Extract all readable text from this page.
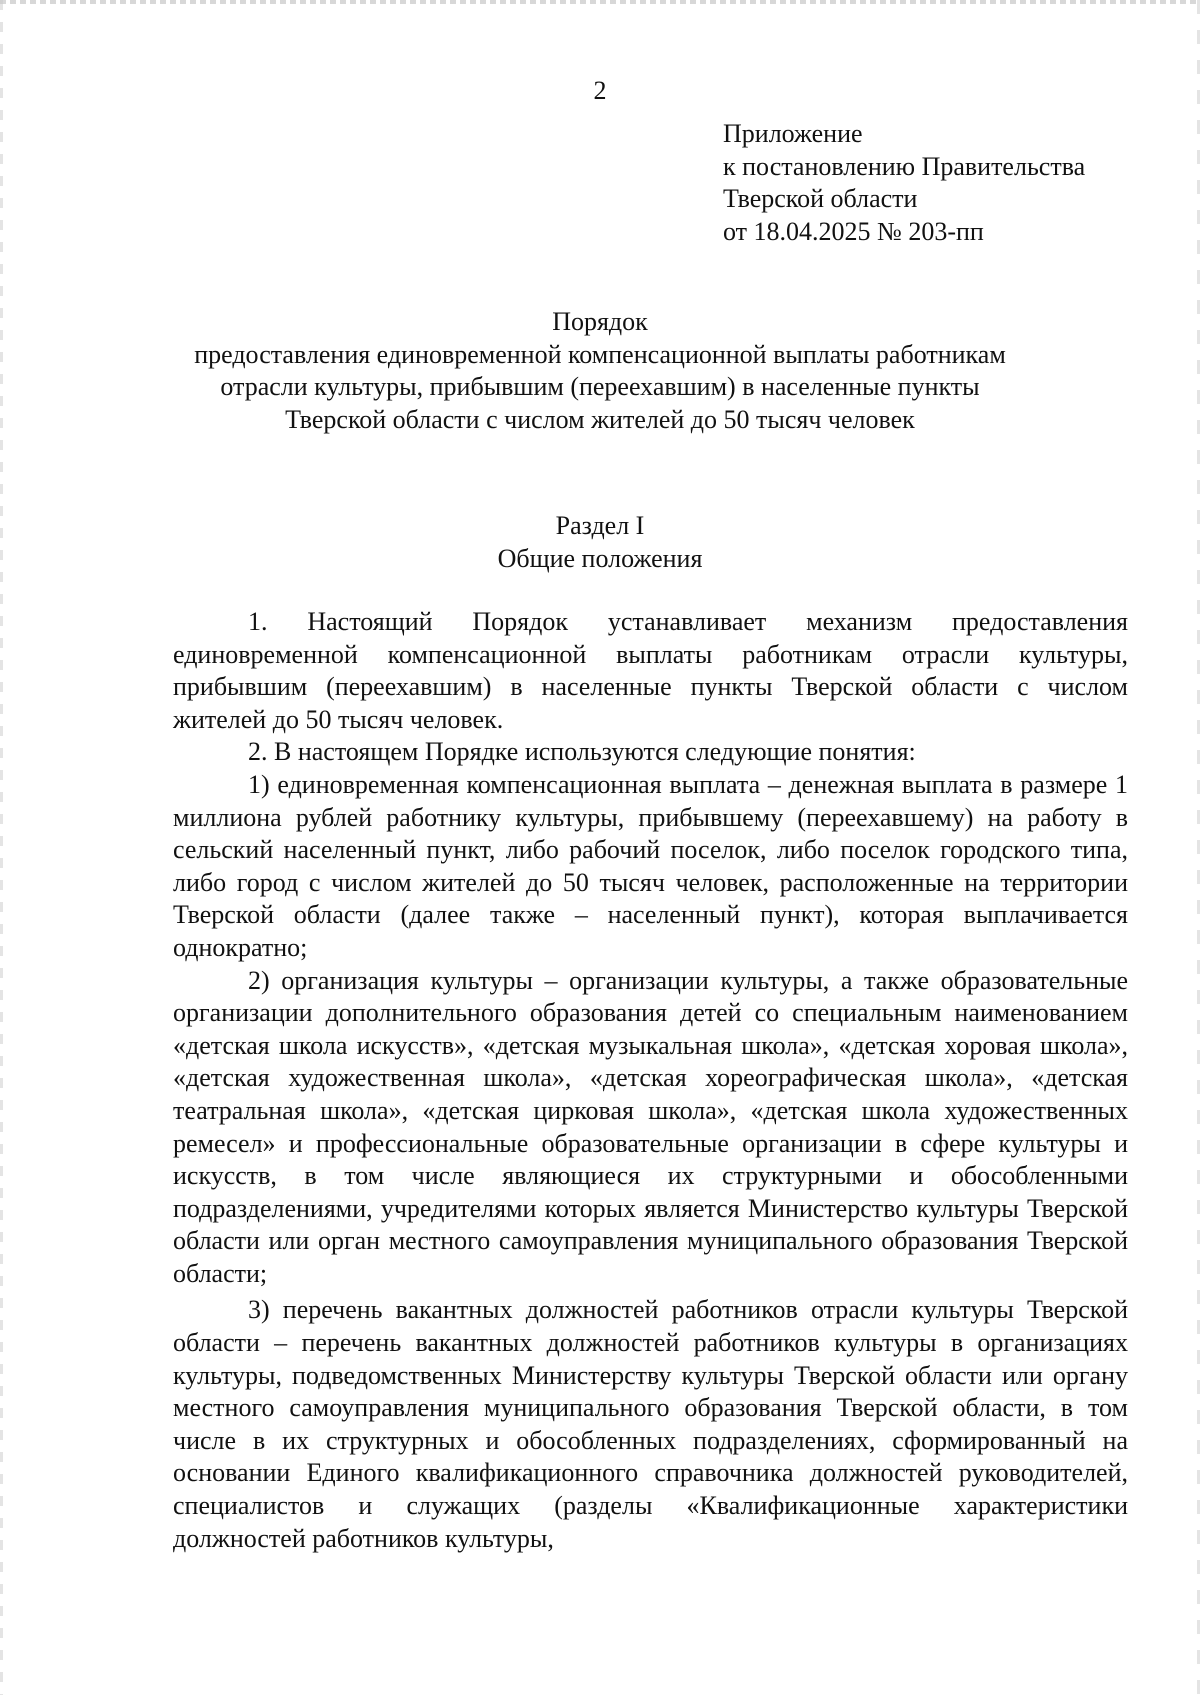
2
Приложение
к постановлению Правительства
Тверской области
от 18.04.2025 № 203-пп
Порядок
предоставления единовременной компенсационной выплаты работникам
отрасли культуры, прибывшим (переехавшим) в населенные пункты
Тверской области с числом жителей до 50 тысяч человек
Раздел I
Общие положения

1. Настоящий Порядок устанавливает механизм предоставления единовременной компенсационной выплаты работникам отрасли культуры, прибывшим (переехавшим) в населенные пункты Тверской области с числом жителей до 50 тысяч человек.

2. В настоящем Порядке используются следующие понятия:

1) единовременная компенсационная выплата – денежная выплата в размере 1 миллиона рублей работнику культуры, прибывшему (переехавшему) на работу в сельский населенный пункт, либо рабочий поселок, либо поселок городского типа, либо город с числом жителей до 50 тысяч человек, расположенные на территории Тверской области (далее также – населенный пункт), которая выплачивается однократно;

2) организация культуры – организации культуры, а также образовательные организации дополнительного образования детей со специальным наименованием «детская школа искусств», «детская музыкальная школа», «детская хоровая школа», «детская художественная школа», «детская хореографическая школа», «детская театральная школа», «детская цирковая школа», «детская школа художественных ремесел» и профессиональные образовательные организации в сфере культуры и искусств, в том числе являющиеся их структурными и обособленными подразделениями, учредителями которых является Министерство культуры Тверской области или орган местного самоуправления муниципального образования Тверской области;

3) перечень вакантных должностей работников отрасли культуры Тверской области – перечень вакантных должностей работников культуры в организациях культуры, подведомственных Министерству культуры Тверской области или органу местного самоуправления муниципального образования Тверской области, в том числе в их структурных и обособленных подразделениях, сформированный на основании Единого квалификационного справочника должностей руководителей, специалистов и служащих (разделы «Квалификационные характеристики должностей работников культуры,
